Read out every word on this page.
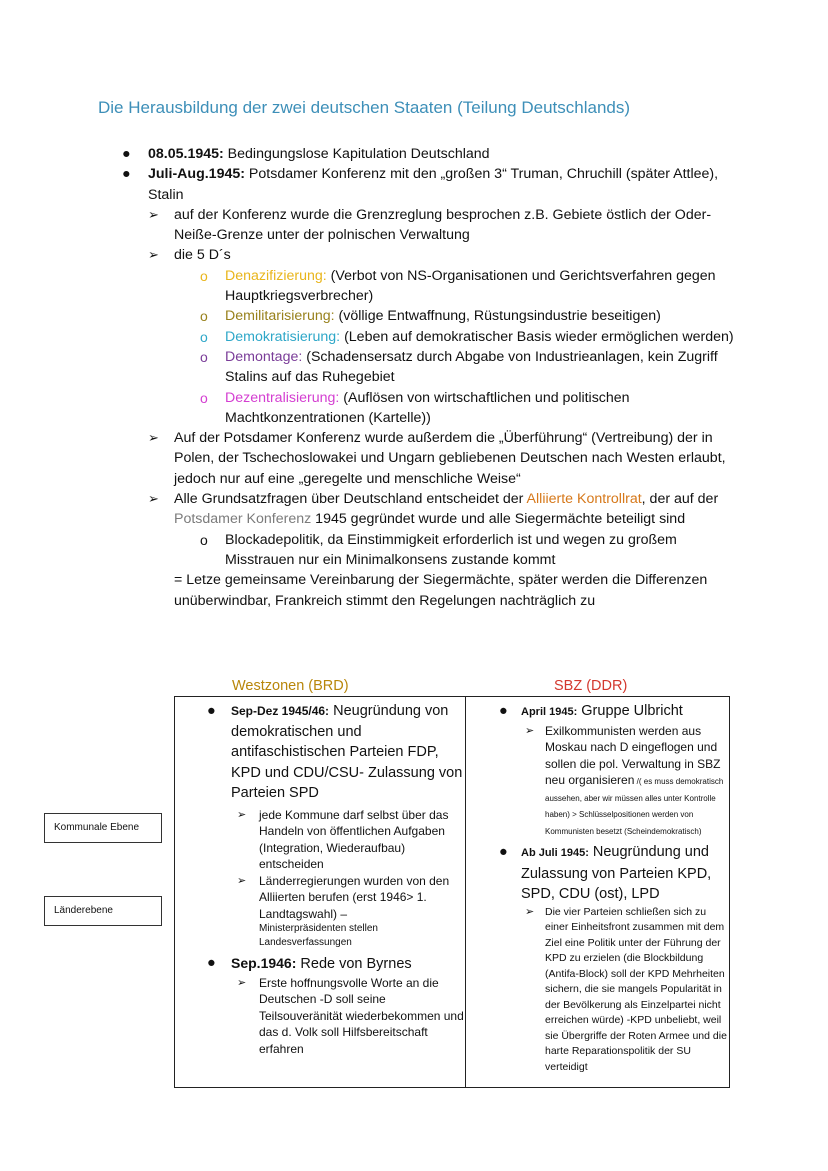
Die Herausbildung der zwei deutschen Staaten (Teilung Deutschlands)
● 08.05.1945: Bedingungslose Kapitulation Deutschland
● Juli-Aug.1945: Potsdamer Konferenz mit den „großen 3“ Truman, Chruchill (später Attlee), Stalin
➢ auf der Konferenz wurde die Grenzreglung besprochen z.B. Gebiete östlich der Oder-Neiße-Grenze unter der polnischen Verwaltung
➢ die 5 D´s
o Denazifizierung: (Verbot von NS-Organisationen und Gerichtsverfahren gegen Hauptkriegsverbrecher)
o Demilitarisierung: (völlige Entwaffnung, Rüstungsindustrie beseitigen)
o Demokratisierung: (Leben auf demokratischer Basis wieder ermöglichen werden)
o Demontage: (Schadensersatz durch Abgabe von Industrieanlagen, kein Zugriff Stalins auf das Ruhegebiet
o Dezentralisierung: (Auflösen von wirtschaftlichen und politischen Machtkonzentrationen (Kartelle))
➢ Auf der Potsdamer Konferenz wurde außerdem die „Überführung“ (Vertreibung) der in Polen, der Tschechoslowakei und Ungarn gebliebenen Deutschen nach Westen erlaubt, jedoch nur auf eine „geregelte und menschliche Weise“
➢ Alle Grundsatzfragen über Deutschland entscheidet der Alliierte Kontrollrat, der auf der Potsdamer Konferenz 1945 gegründet wurde und alle Siegermächte beteiligt sind
o Blockadepolitik, da Einstimmigkeit erforderlich ist und wegen zu großem Misstrauen nur ein Minimalkonsens zustande kommt
= Letze gemeinsame Vereinbarung der Siegermächte, später werden die Differenzen unüberwindbar, Frankreich stimmt den Regelungen nachträglich zu
Westzonen (BRD)	SBZ (DDR)
● Sep-Dez 1945/46: Neugründung von demokratischen und antifaschistischen Parteien FDP, KPD und CDU/CSU- Zulassung von Parteien SPD
➢ jede Kommune darf selbst über das Handeln von öffentlichen Aufgaben (Integration, Wiederaufbau) entscheiden
➢ Länderregierungen wurden von den Alliierten berufen (erst 1946> 1. Landtagswahl) –
Ministerpräsidenten stellen Landesverfassungen
● Sep.1946: Rede von Byrnes
➢ Erste hoffnungsvolle Worte an die Deutschen -D soll seine Teilsouveränität wiederbekommen und das d. Volk soll Hilfsbereitschaft erfahren
● April 1945: Gruppe Ulbricht
➢ Exilkommunisten werden aus Moskau nach D eingeflogen und sollen die pol. Verwaltung in SBZ neu organisieren /( es muss demokratisch aussehen, aber wir müssen alles unter Kontrolle haben) > Schlüsselpositionen werden von Kommunisten besetzt (Scheindemokratisch)
● Ab Juli 1945: Neugründung und Zulassung von Parteien KPD, SPD, CDU (ost), LPD
➢ Die vier Parteien schließen sich zu einer Einheitsfront zusammen mit dem Ziel eine Politik unter der Führung der KPD zu erzielen (die Blockbildung (Antifa-Block) soll der KPD Mehrheiten sichern, die sie mangels Popularität in der Bevölkerung als Einzelpartei nicht erreichen würde) -KPD unbeliebt, weil sie Übergriffe der Roten Armee und die harte Reparationspolitik der SU verteidigt
Kommunale Ebene
Länderebene
